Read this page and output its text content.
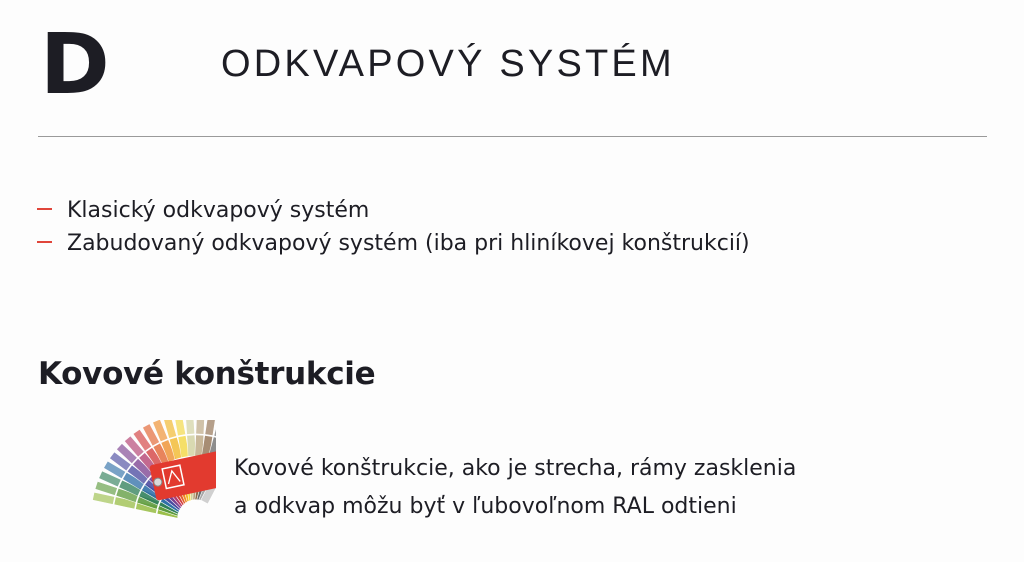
D	ODKVAPOVÝ SYSTÉM
Klasický odkvapový systém
Zabudovaný odkvapový systém (iba pri hliníkovej konštrukcií)
Kovové konštrukcie
Kovové konštrukcie, ako je strecha, rámy zasklenia
a odkvap môžu byť v ľubovoľnom RAL odtieni
